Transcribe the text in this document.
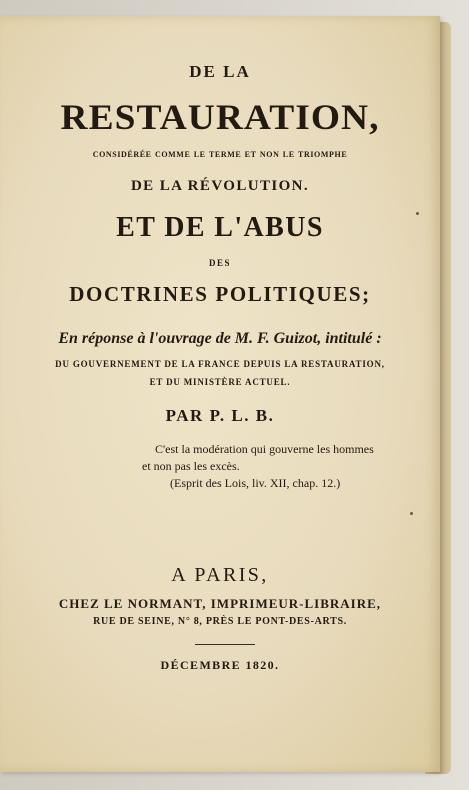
DE LA
RESTAURATION,
considérée comme le terme et non le triomphe
DE LA RÉVOLUTION.
ET DE L'ABUS
DES
DOCTRINES POLITIQUES;
En réponse à l'ouvrage de M. F. Guizot, intitulé :
DU GOUVERNEMENT DE LA FRANCE DEPUIS LA RESTAURATION,
ET DU MINISTÈRE ACTUEL.
PAR P. L. B.
C'est la modération qui gouverne les hommes
et non pas les excès.
(Esprit des Lois, liv. XII, chap. 12.)
A PARIS,
CHEZ LE NORMANT, IMPRIMEUR-LIBRAIRE,
RUE DE SEINE, N° 8, PRÈS LE PONT-DES-ARTS.
DÉCEMBRE 1820.
